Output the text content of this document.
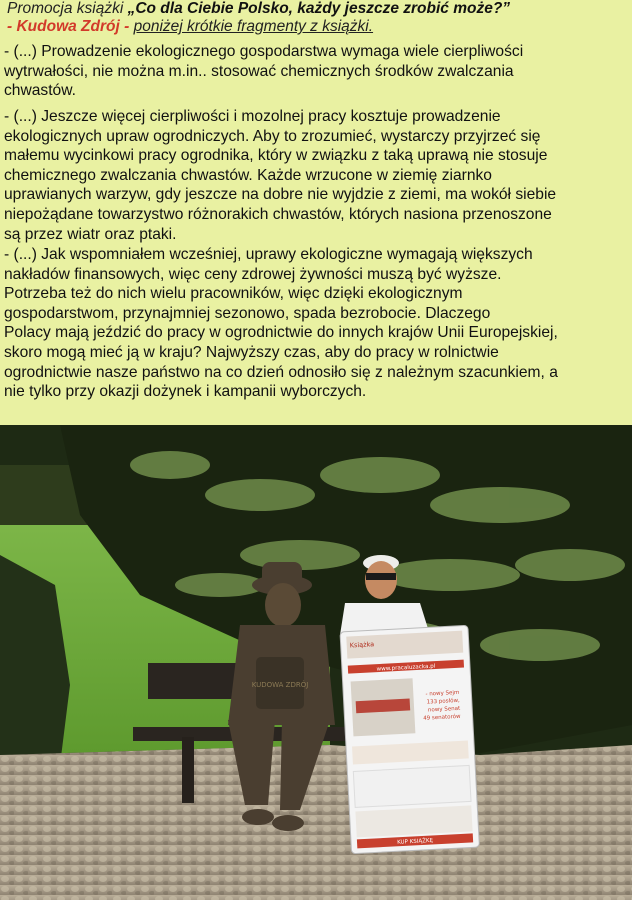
Promocja książki „Co dla Ciebie Polsko, każdy jeszcze zrobić może?”
- Kudowa Zdrój - poniżej krótkie fragmenty z książki.
- (...) Prowadzenie ekologicznego gospodarstwa wymaga wiele cierpliwości
wytrwałości, nie można m.in.. stosować chemicznych środków zwalczania
chwastów.
- (...) Jeszcze więcej cierpliwości i mozolnej pracy kosztuje prowadzenie
ekologicznych upraw ogrodniczych. Aby to zrozumieć, wystarczy przyjrzeć się
małemu wycinkowi pracy ogrodnika, który w związku z taką uprawą nie stosuje
chemicznego zwalczania chwastów. Każde wrzucone w ziemię ziarnko
uprawianych warzyw, gdy jeszcze na dobre nie wyjdzie z ziemi, ma wokół siebie
niepożądane towarzystwo różnorakich chwastów, których nasiona przenoszone
są przez wiatr oraz ptaki.
- (...) Jak wspomniałem wcześniej, uprawy ekologiczne wymagają większych
nakładów finansowych, więc ceny zdrowej żywności muszą być wyższe.
Potrzeba też do nich wielu pracowników, więc dzięki ekologicznym
gospodarstwom, przynajmniej sezonowo, spada bezrobocie. Dlaczego
Polacy mają jeździć do pracy w ogrodnictwie do innych krajów Unii Europejskiej,
skoro mogą mieć ją w kraju? Najwyższy czas, aby do pracy w rolnictwie
ogrodnictwie nasze państwo na co dzień odnosiło się z należnym szacunkiem, a
nie tylko przy okazji dożynek i kampanii wyborczych.
KUDOWA ZDRÓJ
Książka
www.pracaluzacka.pl
- nowy Sejm
133 posłów,
nowy Senat
49 senatorów
KUP KSIĄŻKĘ
